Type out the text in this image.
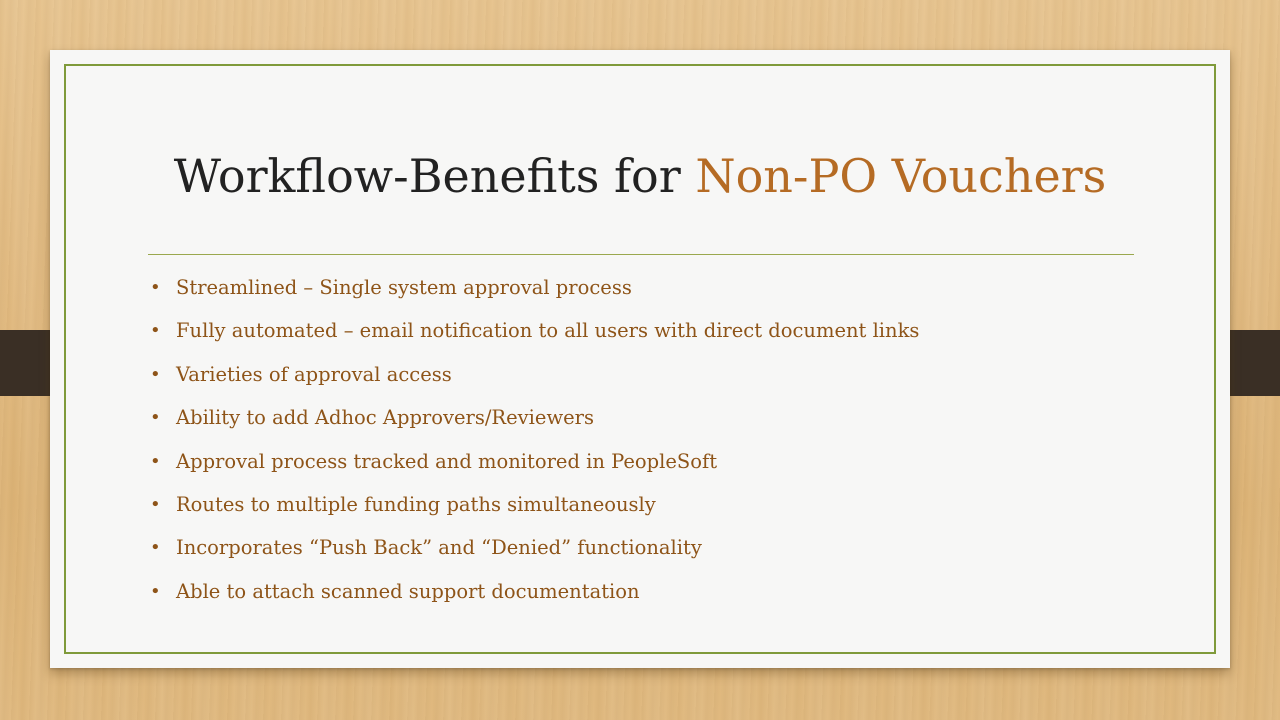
Workflow-Benefits for Non-PO Vouchers
• Streamlined – Single system approval process
• Fully automated – email notification to all users with direct document links
• Varieties of approval access
• Ability to add Adhoc Approvers/Reviewers
• Approval process tracked and monitored in PeopleSoft
• Routes to multiple funding paths simultaneously
• Incorporates “Push Back” and “Denied” functionality
• Able to attach scanned support documentation
